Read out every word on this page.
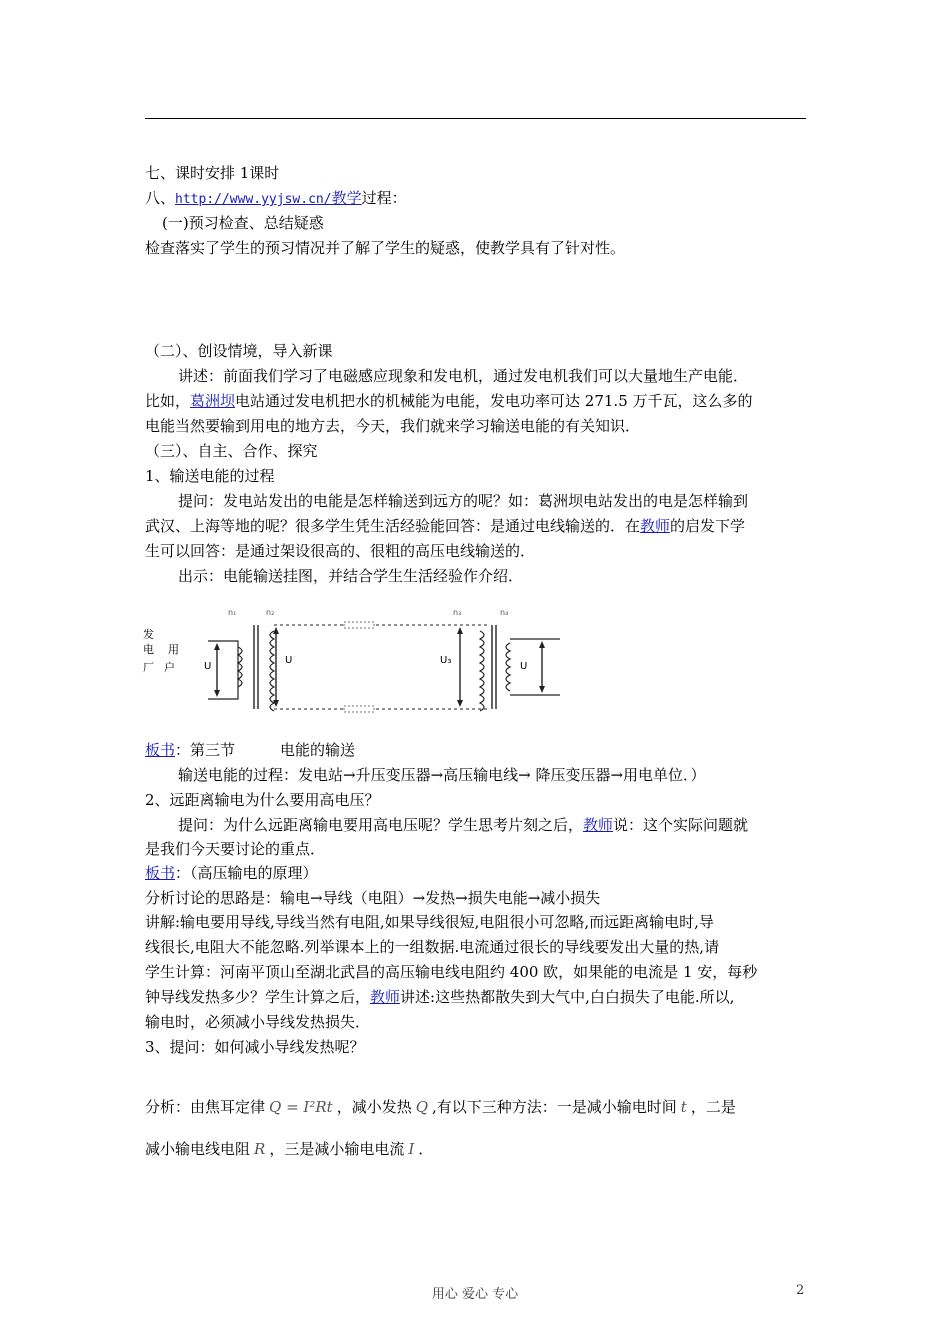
七、课时安排 1课时
八、http://www.yyjsw.cn/教学过程：
(一)预习检查、总结疑惑
检查落实了学生的预习情况并了解了学生的疑惑，使教学具有了针对性。
（二）、创设情境，导入新课
讲述：前面我们学习了电磁感应现象和发电机，通过发电机我们可以大量地生产电能．
比如，葛洲坝电站通过发电机把水的机械能为电能，发电功率可达 271.5 万千瓦，这么多的
电能当然要输到用电的地方去，今天，我们就来学习输送电能的有关知识．
（三）、自主、合作、探究
1、输送电能的过程
提问：发电站发出的电能是怎样输送到远方的呢？如：葛洲坝电站发出的电是怎样输到
武汉、上海等地的呢？很多学生凭生活经验能回答：是通过电线输送的．在教师的启发下学
生可以回答：是通过架设很高的、很粗的高压电线输送的．
出示：电能输送挂图，并结合学生生活经验作介绍．
发
电
厂
用
户
n₁	n₂	n₃	n₄
U
U	U₃
U
板书：第三节　　　电能的输送
输送电能的过程：发电站→升压变压器→高压输电线→ 降压变压器→用电单位．）
2、远距离输电为什么要用高电压？
提问：为什么远距离输电要用高电压呢？学生思考片刻之后，教师说：这个实际问题就
是我们今天要讨论的重点．
板书：（高压输电的原理）
分析讨论的思路是：输电→导线（电阻）→发热→损失电能→减小损失
讲解:输电要用导线,导线当然有电阻,如果导线很短,电阻很小可忽略,而远距离输电时,导
线很长,电阻大不能忽略.列举课本上的一组数据.电流通过很长的导线要发出大量的热,请
学生计算：河南平顶山至湖北武昌的高压输电线电阻约 400 欧，如果能的电流是 1 安，每秒
钟导线发热多少？学生计算之后，教师讲述:这些热都散失到大气中,白白损失了电能.所以,
输电时，必须减小导线发热损失．
3、提问：如何减小导线发热呢？
分析：由焦耳定律 Q = I²Rt ，减小发热 Q ,有以下三种方法：一是减小输电时间 t ，二是
减小输电线电阻 R ，三是减小输电电流 I ．
用心 爱心 专心	2
